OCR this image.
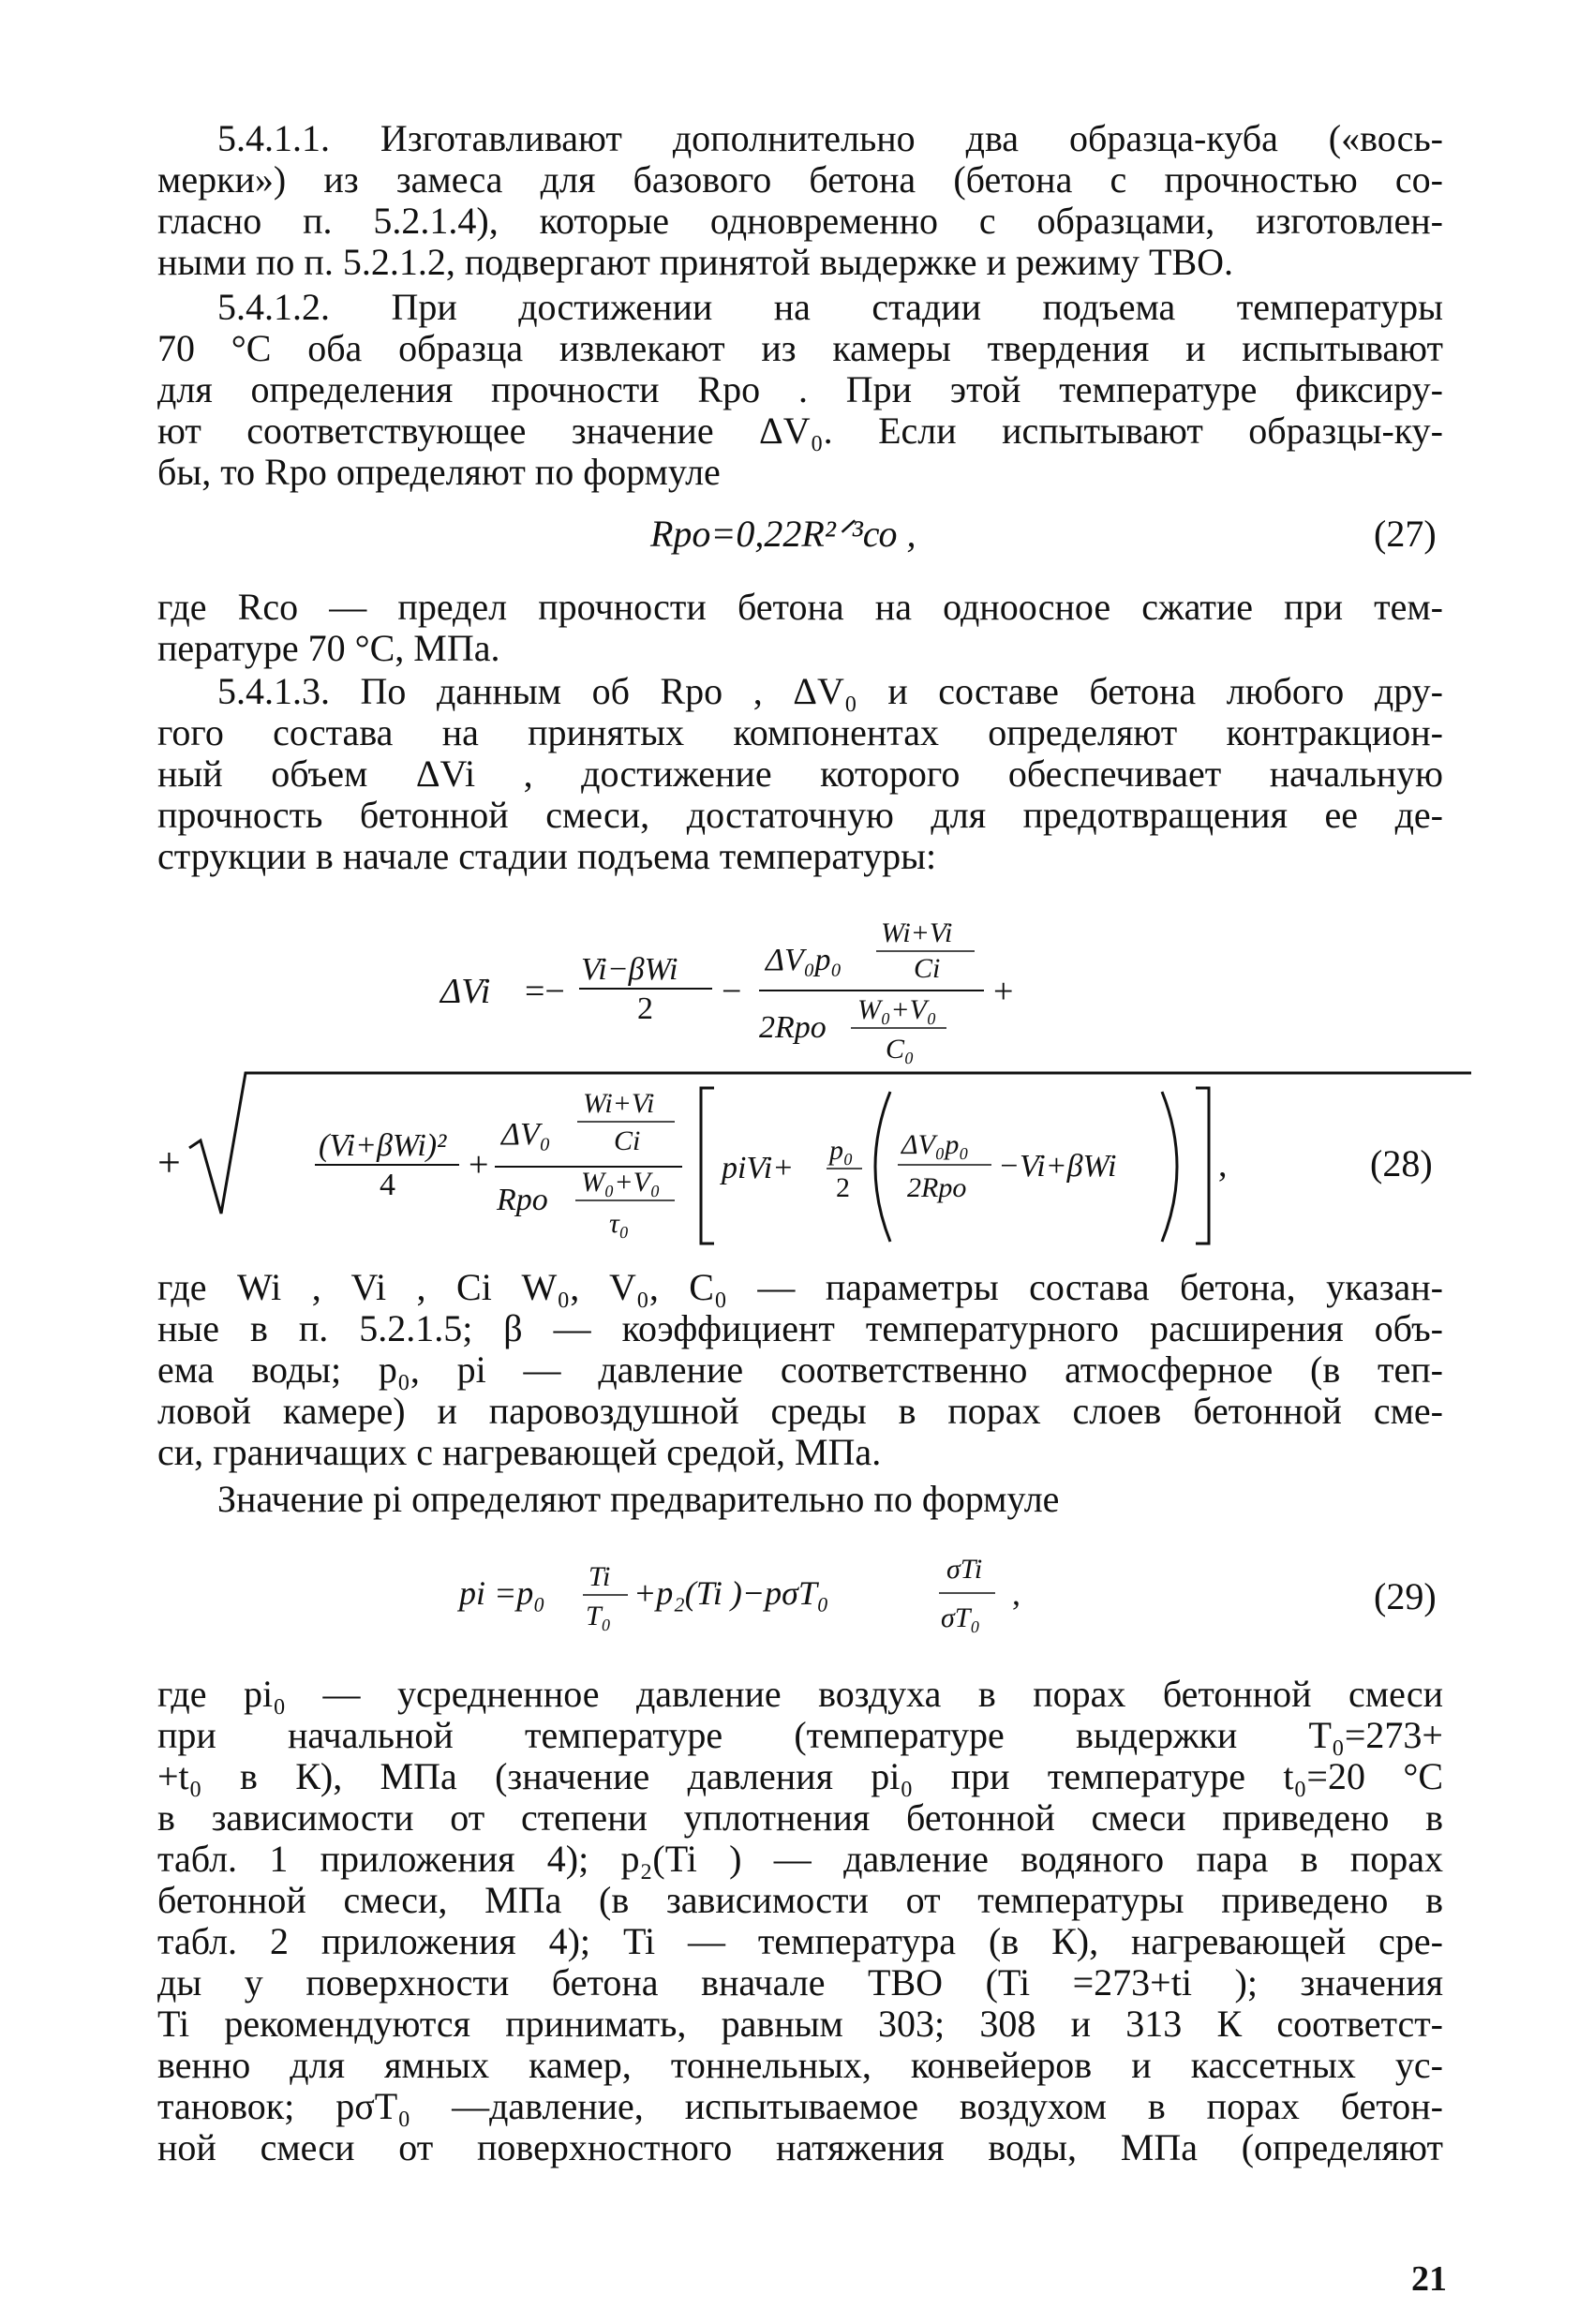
5.4.1.1. Изготавливают дополнительно два образца-куба («вось-
мерки») из замеса для базового бетона (бетона с прочностью со-
гласно п. 5.2.1.4), которые одновременно с образцами, изготовлен-
ными по п. 5.2.1.2, подвергают принятой выдержке и режиму ТВО.
5.4.1.2. При достижении на стадии подъема температуры
70 °С оба образца извлекают из камеры твердения и испытывают
для определения прочности Rро . При этой температуре фиксиру-
ют соответствующее значение ΔV₀. Если испытывают образцы-ку-
бы, то Rро определяют по формуле
Rро=0,22R²ᐟ³со ,	(27)
где Rсо — предел прочности бетона на одноосное сжатие при тем-
пературе 70 °С, МПа.
5.4.1.3. По данным об Rро , ΔV₀ и составе бетона любого дру-
гого состава на принятых компонентах определяют контракцион-
ный объем ΔVi , достижение которого обеспечивает начальную
прочность бетонной смеси, достаточную для предотвращения ее де-
струкции в начале стадии подъема температуры:
ΔVi =−
Vi−βWi
2 −
ΔV₀p₀
Wi+Vi
Ci
2Rро
W₀+V₀
C₀
+
+	(Vi+βWi)²
4
+
ΔV₀
Wi+Vi
Ci
Rро
W₀+V₀
τ₀
piVi+
p₀
2
ΔV₀p₀
2Rро
−Vi+βWi	,	(28)
где Wi , Vi , Ci W₀, V₀, C₀ — параметры состава бетона, указан-
ные в п. 5.2.1.5; β — коэффициент температурного расширения объ-
ема воды; p₀, pi — давление соответственно атмосферное (в теп-
ловой камере) и паровоздушной среды в порах слоев бетонной сме-
си, граничащих с нагревающей средой, МПа.
Значение pi определяют предварительно по формуле
pi =p₀ Ti
T₀
+p₂(Ti )−pσT₀
σTi
σT₀
,	(29)
где pi₀ — усредненное давление воздуха в порах бетонной смеси
при начальной температуре (температуре выдержки T₀=273+
+t₀ в К), МПа (значение давления pi₀ при температуре t₀=20 °С
в зависимости от степени уплотнения бетонной смеси приведено в
табл. 1 приложения 4); p₂(Ti ) — давление водяного пара в порах
бетонной смеси, МПа (в зависимости от температуры приведено в
табл. 2 приложения 4); Ti — температура (в К), нагревающей сре-
ды у поверхности бетона вначале ТВО (Ti =273+ti ); значения
Ti рекомендуются принимать, равным 303; 308 и 313 К соответст-
венно для ямных камер, тоннельных, конвейеров и кассетных ус-
тановок; pσT₀ —давление, испытываемое воздухом в порах бетон-
ной смеси от поверхностного натяжения воды, МПа (определяют
21
